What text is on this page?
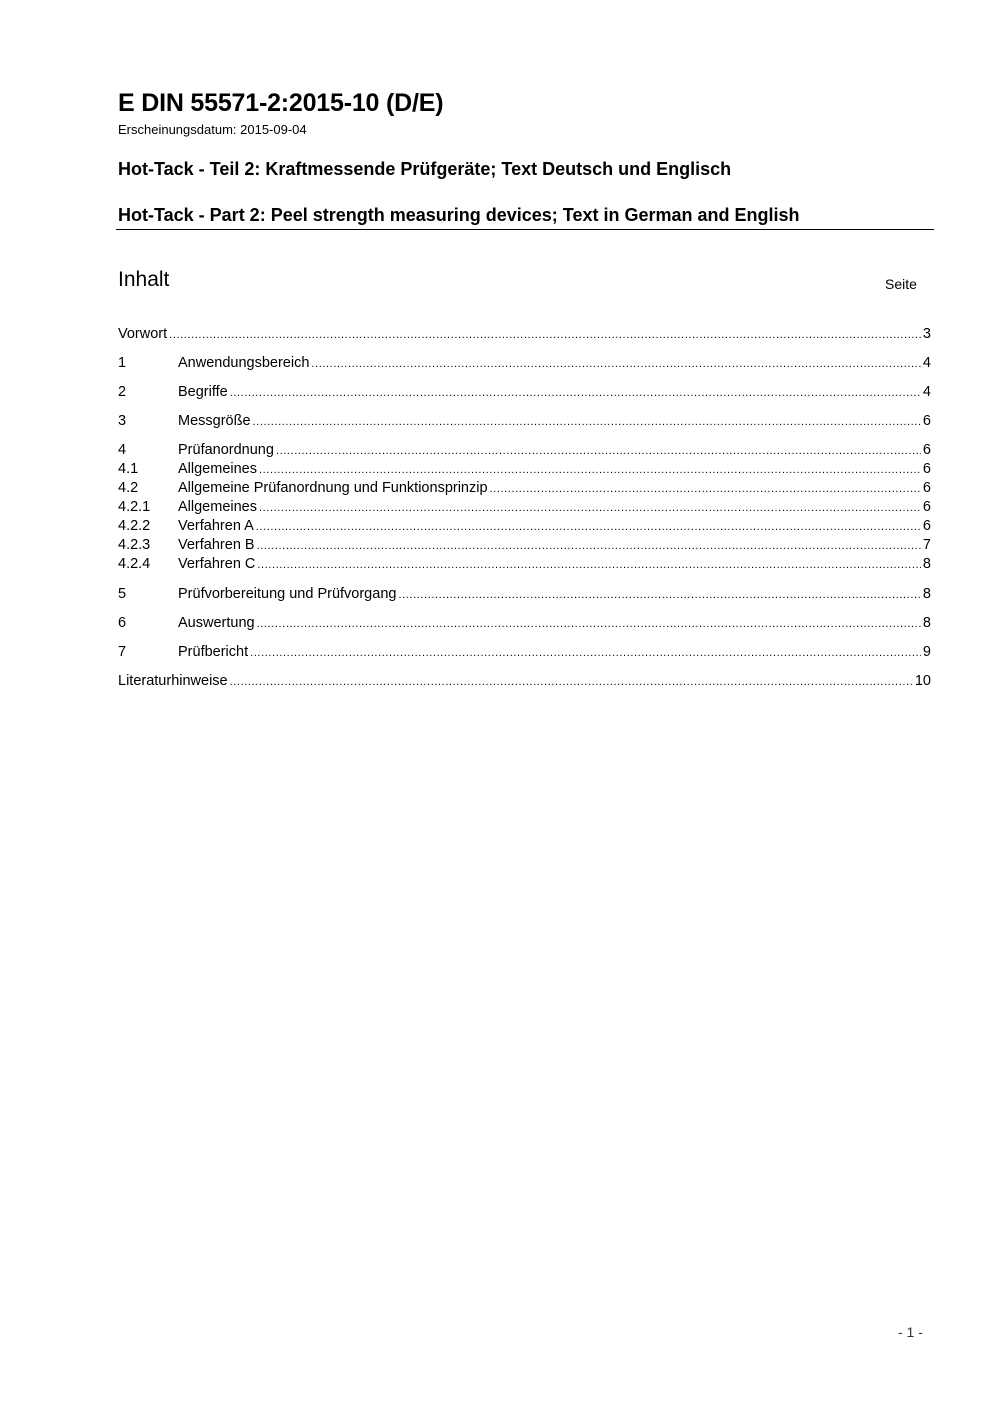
E DIN 55571-2:2015-10 (D/E)
Erscheinungsdatum: 2015-09-04
Hot-Tack - Teil 2: Kraftmessende Prüfgeräte; Text Deutsch und Englisch
Hot-Tack - Part 2: Peel strength measuring devices; Text in German and English
Inhalt	Seite
Vorwort .....	3
1	Anwendungsbereich .....	4
2	Begriffe .....	4
3	Messgröße .....	6
4	Prüfanordnung .....	6
4.1	Allgemeines .....	6
4.2	Allgemeine Prüfanordnung und Funktionsprinzip .....	6
4.2.1	Allgemeines .....	6
4.2.2	Verfahren A .....	6
4.2.3	Verfahren B .....	7
4.2.4	Verfahren C .....	8
5	Prüfvorbereitung und Prüfvorgang .....	8
6	Auswertung .....	8
7	Prüfbericht .....	9
Literaturhinweise .....	10
- 1 -
